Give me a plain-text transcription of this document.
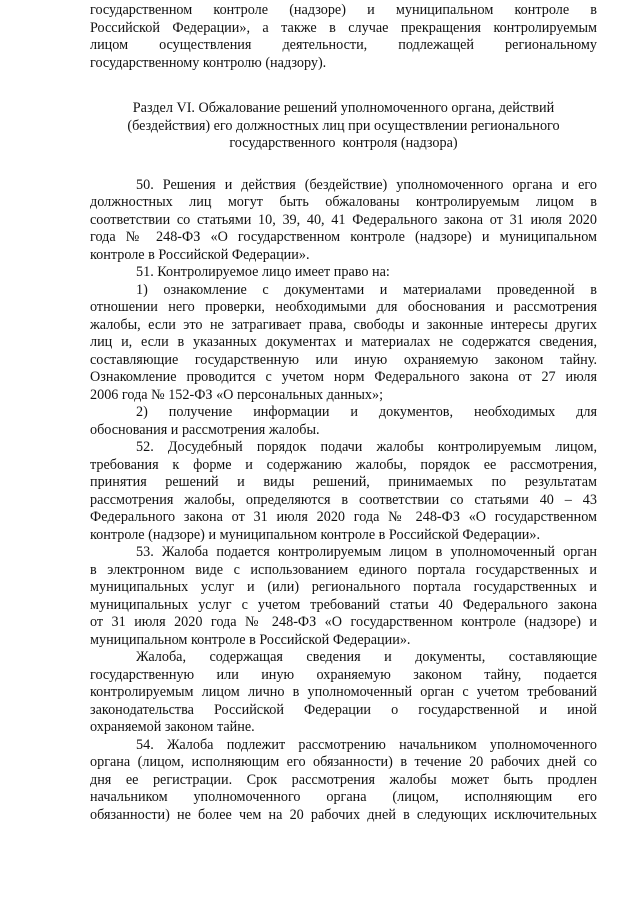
государственном контроле (надзоре) и муниципальном контроле в

Российской Федерации», а также в случае прекращения контролируемым

лицом осуществления деятельности, подлежащей региональному

государственному контролю (надзору).

Раздел VI. Обжалование решений уполномоченного органа, действий

(бездействия) его должностных лиц при осуществлении регионального

государственного  контроля (надзора)

50. Решения и действия (бездействие) уполномоченного органа и его

должностных лиц могут быть обжалованы контролируемым лицом в

соответствии со статьями 10, 39, 40, 41 Федерального закона от 31 июля 2020

года № 248-ФЗ «О государственном контроле (надзоре) и муниципальном

контроле в Российской Федерации».

51. Контролируемое лицо имеет право на:

1) ознакомление с документами и материалами проведенной в

отношении него проверки, необходимыми для обоснования и рассмотрения

жалобы, если это не затрагивает права, свободы и законные интересы других

лиц и, если в указанных документах и материалах не содержатся сведения,

составляющие государственную или иную охраняемую законом тайну.

Ознакомление проводится с учетом норм Федерального закона от 27 июля

2006 года № 152-ФЗ «О персональных данных»;

2) получение информации и документов, необходимых для

обоснования и рассмотрения жалобы.

52. Досудебный порядок подачи жалобы контролируемым лицом,

требования к форме и содержанию жалобы, порядок ее рассмотрения,

принятия решений и виды решений, принимаемых по результатам

рассмотрения жалобы, определяются в соответствии со статьями 40 – 43

Федерального закона от 31 июля 2020 года № 248-ФЗ «О государственном

контроле (надзоре) и муниципальном контроле в Российской Федерации».

53. Жалоба подается контролируемым лицом в уполномоченный орган

в электронном виде с использованием единого портала государственных и

муниципальных услуг и (или) регионального портала государственных и

муниципальных услуг с учетом требований статьи 40 Федерального закона

от 31 июля 2020 года № 248-ФЗ «О государственном контроле (надзоре) и

муниципальном контроле в Российской Федерации».

Жалоба, содержащая сведения и документы, составляющие

государственную или иную охраняемую законом тайну, подается

контролируемым лицом лично в уполномоченный орган с учетом требований

законодательства Российской Федерации о государственной и иной

охраняемой законом тайне.

54. Жалоба подлежит рассмотрению начальником уполномоченного

органа (лицом, исполняющим его обязанности) в течение 20 рабочих дней со

дня ее регистрации. Срок рассмотрения жалобы может быть продлен

начальником уполномоченного органа (лицом, исполняющим его

обязанности) не более чем на 20 рабочих дней в следующих исключительных
